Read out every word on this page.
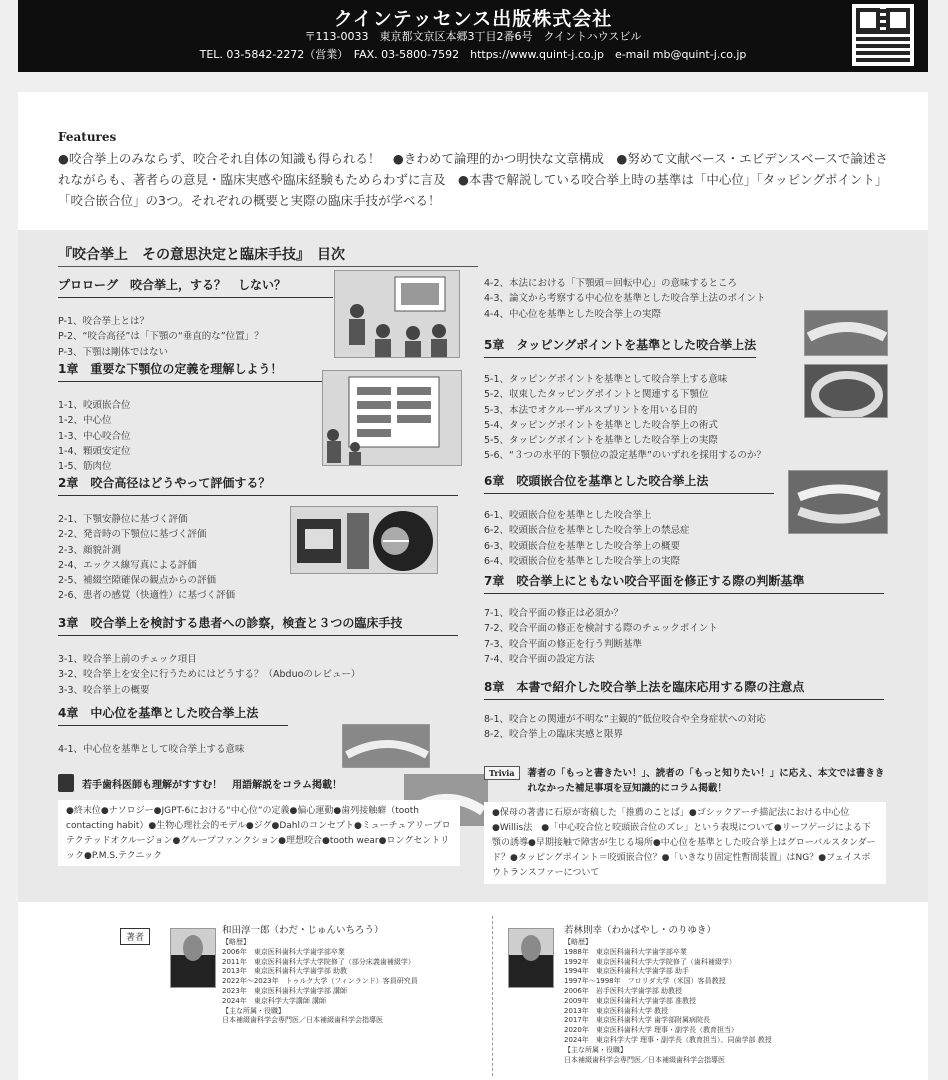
クインテッセンス出版株式会社
〒113-0033　東京都文京区本郷3丁目2番6号　クイントハウスビル
TEL. 03-5842-2272（営業）　FAX. 03-5800-7592　https://www.quint-j.co.jp　e-mail mb@quint-j.co.jp
Features
●咬合挙上のみならず、咬合それ自体の知識も得られる！　●きわめて論理的かつ明快な文章構成　●努めて文献ベース・エビデンスベースで論述されながらも、著者らの意見・臨床実感や臨床経験もためらわずに言及　●本書で解説している咬合挙上時の基準は「中心位」「タッピングポイント」「咬合嵌合位」の3つ。それぞれの概要と実際の臨床手技が学べる！
『咬合挙上　その意思決定と臨床手技』　目次
プロローグ　咬合挙上，する？　しない？
P-1、咬合挙上とは？
P-2、“咬合高径”は「下顎の“垂直的な”位置」？
P-3、下顎は剛体ではない
1章　重要な下顎位の定義を理解しよう！
1-1、咬頭嵌合位
1-2、中心位
1-3、中心咬合位
1-4、顆頭安定位
1-5、筋肉位
2章　咬合高径はどうやって評価する？
2-1、下顎安静位に基づく評価
2-2、発音時の下顎位に基づく評価
2-3、顔貌計測
2-4、エックス線写真による評価
2-5、補綴空隙確保の観点からの評価
2-6、患者の感覚（快適性）に基づく評価
3章　咬合挙上を検討する患者への診察，検査と３つの臨床手技
3-1、咬合挙上前のチェック項目
3-2、咬合挙上を安全に行うためにはどうする？（Abduoのレビュー）
3-3、咬合挙上の概要
4章　中心位を基準とした咬合挙上法
4-1、中心位を基準として咬合挙上する意味
若手歯科医師も理解がすすむ！　用語解説をコラム掲載！
●終末位●ナソロジー●JGPT-6における“中心位”の定義●偏心運動●歯列接触癖（tooth contacting habit）●生物心理社会的モデル●ジグ●Dahlのコンセプト●ミューチュアリープロテクテッドオクルージョン●グループファンクション●理想咬合●tooth wear●ロングセントリック●P.M.S.テクニック
4-2、本法における「下顎頭＝回転中心」の意味するところ
4-3、論文から考察する中心位を基準とした咬合挙上法のポイント
4-4、中心位を基準とした咬合挙上の実際
5章　タッピングポイントを基準とした咬合挙上法
5-1、タッピングポイントを基準として咬合挙上する意味
5-2、収束したタッピングポイントと関連する下顎位
5-3、本法でオクルーザルスプリントを用いる目的
5-4、タッピングポイントを基準とした咬合挙上の術式
5-5、タッピングポイントを基準とした咬合挙上の実際
5-6、“３つの水平的下顎位の設定基準”のいずれを採用するのか？
6章　咬頭嵌合位を基準とした咬合挙上法
6-1、咬頭嵌合位を基準とした咬合挙上
6-2、咬頭嵌合位を基準とした咬合挙上の禁忌症
6-3、咬頭嵌合位を基準とした咬合挙上の概要
6-4、咬頭嵌合位を基準とした咬合挙上の実際
7章　咬合挙上にともない咬合平面を修正する際の判断基準
7-1、咬合平面の修正は必須か？
7-2、咬合平面の修正を検討する際のチェックポイント
7-3、咬合平面の修正を行う判断基準
7-4、咬合平面の設定方法
8章　本書で紹介した咬合挙上法を臨床応用する際の注意点
8-1、咬合との関連が不明な“主観的”低位咬合や全身症状への対応
8-2、咬合挙上の臨床実感と限界
Trivia	著者の「もっと書きたい！」、読者の「もっと知りたい！」に応え、本文では書ききれなかった補足事項を豆知識的にコラム掲載！
●保母の著書に石原が寄稿した「推薦のことば」●ゴシックアーチ描記法における中心位●Willis法　●「中心咬合位と咬頭嵌合位のズレ」という表現について●リーフゲージによる下顎の誘導●早期接触で障害が生じる場所●中心位を基準とした咬合挙上はグローバルスタンダード？●タッピングポイント＝咬頭嵌合位？●「いきなり固定性暫間装置」はNG？●フェイスボウトランスファーについて
著者
和田淳一郎（わだ・じゅんいちろう）
【略歴】
2006年　東京医科歯科大学歯学部卒業
2011年　東京医科歯科大学大学院修了（部分床義歯補綴学）
2013年　東京医科歯科大学歯学部 助教
2022年～2023年　トゥルク大学（フィンランド）客員研究員
2023年　東京医科歯科大学歯学部 講師
2024年　東京科学大学講師 講師
【主な所属・役職】
日本補綴歯科学会専門医／日本補綴歯科学会指導医
若林則幸（わかばやし・のりゆき）
【略歴】
1988年　東京医科歯科大学歯学部卒業
1992年　東京医科歯科大学大学院修了（歯科補綴学）
1994年　東京医科歯科大学歯学部 助手
1997年～1998年　フロリダ大学（米国）客員教授
2006年　岩手医科大学歯学部 助教授
2009年　東京医科歯科大学歯学部 准教授
2013年　東京医科歯科大学 教授
2017年　東京医科歯科大学 歯学部附属病院長
2020年　東京医科歯科大学 理事・副学長（教育担当）
2024年　東京科学大学 理事・副学長（教育担当）、同歯学部 教授
【主な所属・役職】
日本補綴歯科学会専門医／日本補綴歯科学会指導医
